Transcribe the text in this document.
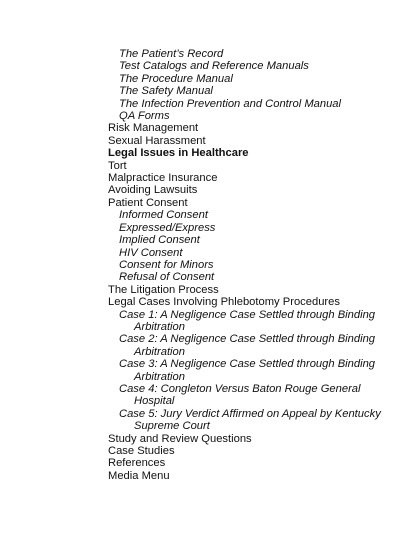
The Patient’s Record
Test Catalogs and Reference Manuals
The Procedure Manual
The Safety Manual
The Infection Prevention and Control Manual
QA Forms
Risk Management
Sexual Harassment
Legal Issues in Healthcare
Tort
Malpractice Insurance
Avoiding Lawsuits
Patient Consent
Informed Consent
Expressed/Express
Implied Consent
HIV Consent
Consent for Minors
Refusal of Consent
The Litigation Process
Legal Cases Involving Phlebotomy Procedures
Case 1: A Negligence Case Settled through Binding
Arbitration
Case 2: A Negligence Case Settled through Binding
Arbitration
Case 3: A Negligence Case Settled through Binding
Arbitration
Case 4: Congleton Versus Baton Rouge General
Hospital
Case 5: Jury Verdict Affirmed on Appeal by Kentucky
Supreme Court
Study and Review Questions
Case Studies
References
Media Menu
